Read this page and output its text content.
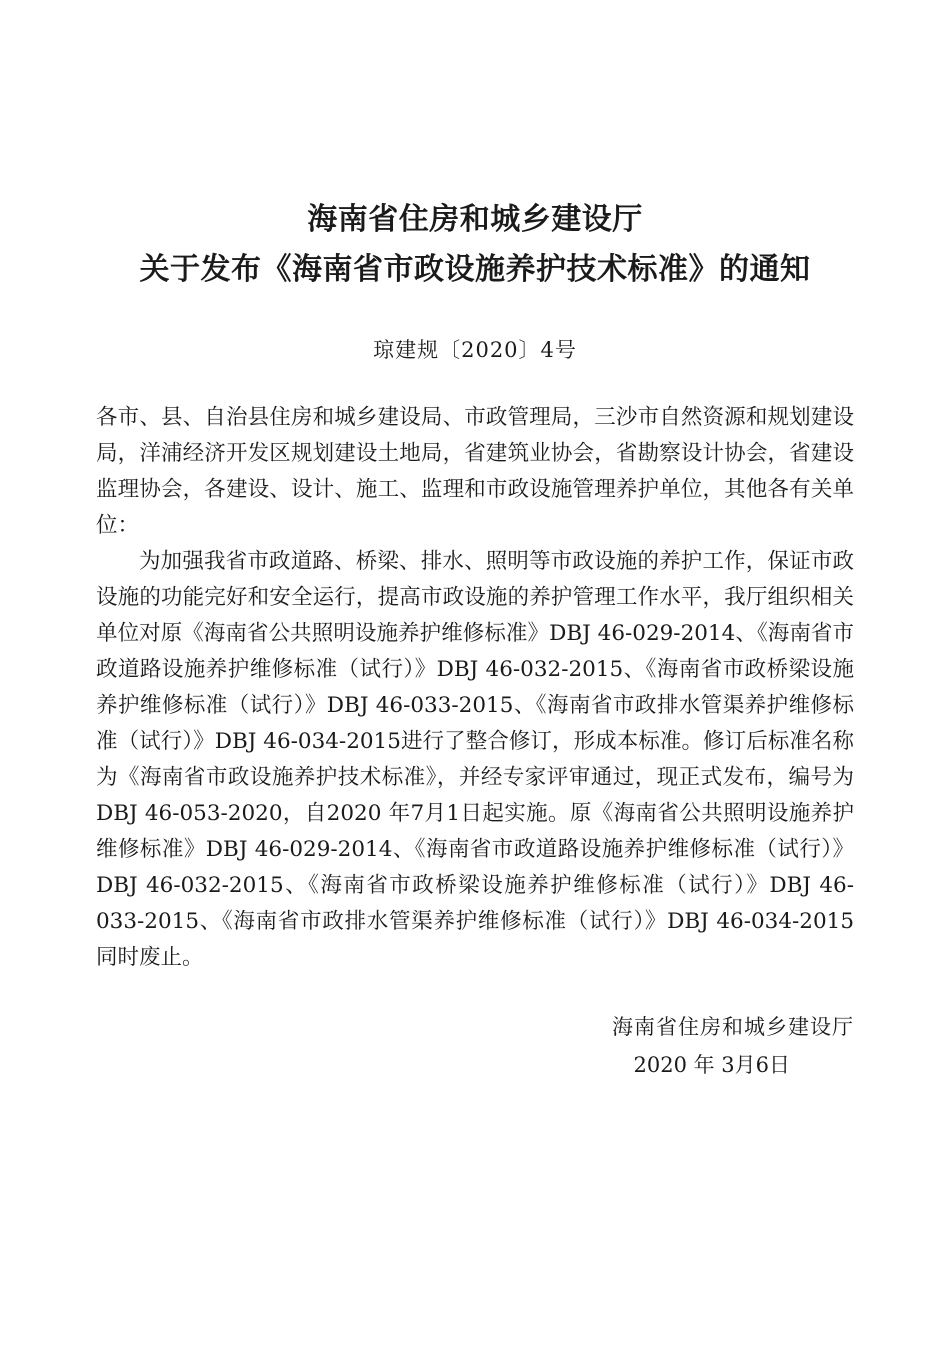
海南省住房和城乡建设厅
关于发布《海南省市政设施养护技术标准》的通知
琼建规〔2020〕4号

各市、县、自治县住房和城乡建设局、市政管理局，三沙市自然资源和规划建设局，洋浦经济开发区规划建设土地局，省建筑业协会，省勘察设计协会，省建设监理协会，各建设、设计、施工、监理和市政设施管理养护单位，其他各有关单位：

为加强我省市政道路、桥梁、排水、照明等市政设施的养护工作，保证市政设施的功能完好和安全运行，提高市政设施的养护管理工作水平，我厅组织相关单位对原《海南省公共照明设施养护维修标准》DBJ 46-029-2014、《海南省市政道路设施养护维修标准（试行）》DBJ 46-032-2015、《海南省市政桥梁设施养护维修标准（试行）》DBJ 46-033-2015、《海南省市政排水管渠养护维修标准（试行）》DBJ 46-034-2015进行了整合修订，形成本标准。修订后标准名称为《海南省市政设施养护技术标准》，并经专家评审通过，现正式发布，编号为DBJ 46-053-2020，自2020 年7月1日起实施。原《海南省公共照明设施养护维修标准》DBJ 46-029-2014、《海南省市政道路设施养护维修标准（试行）》DBJ 46-032-2015、《海南省市政桥梁设施养护维修标准（试行）》DBJ 46-033-2015、《海南省市政排水管渠养护维修标准（试行）》DBJ 46-034-2015同时废止。

海南省住房和城乡建设厅
2020 年 3月6日
